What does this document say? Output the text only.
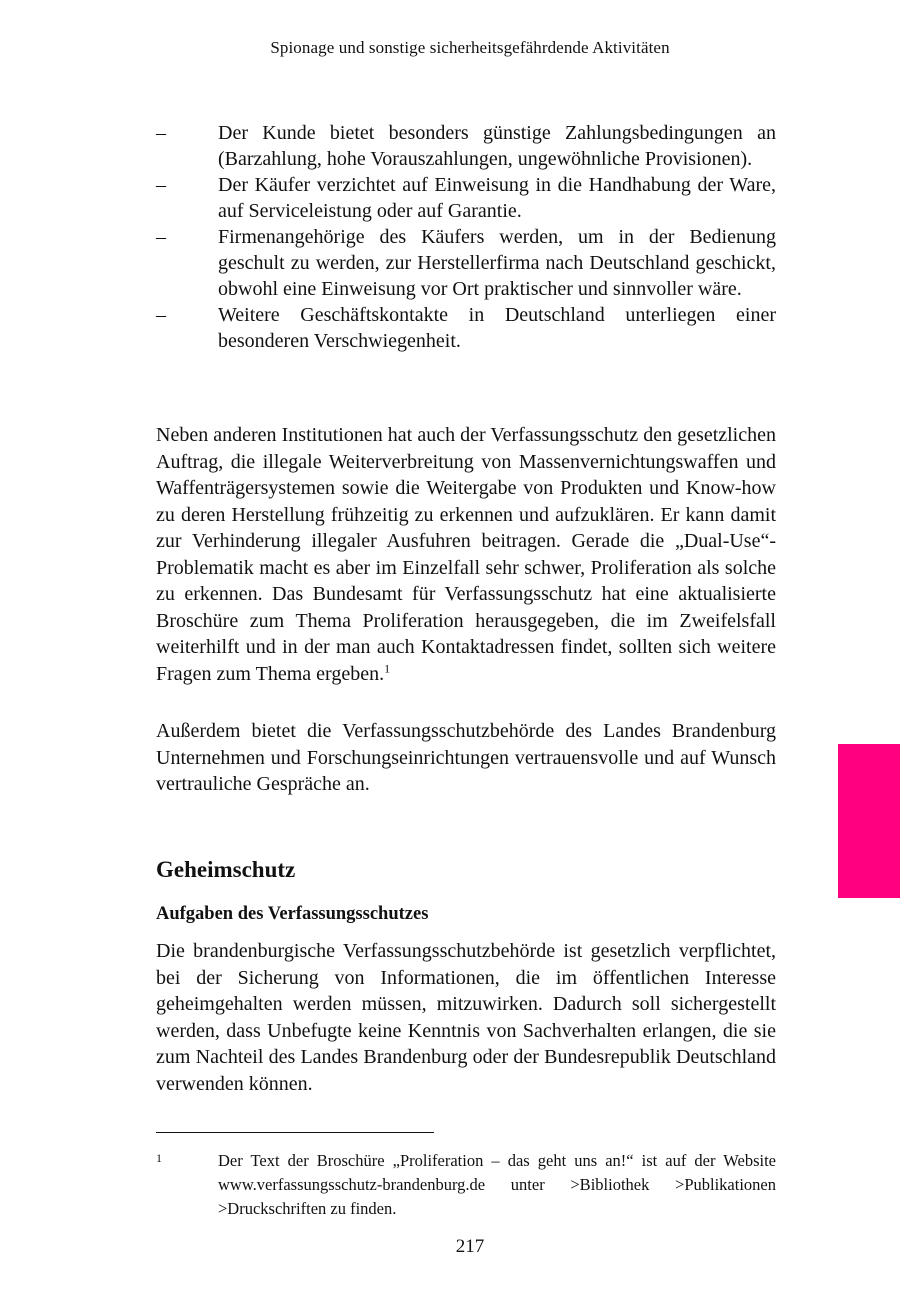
Spionage und sonstige sicherheitsgefährdende Aktivitäten
–	Der Kunde bietet besonders günstige Zahlungsbedingungen an (Barzahlung, hohe Vorauszahlungen, ungewöhnliche Provisionen).
–	Der Käufer verzichtet auf Einweisung in die Handhabung der Ware, auf Serviceleistung oder auf Garantie.
–	Firmenangehörige des Käufers werden, um in der Bedienung geschult zu werden, zur Herstellerfirma nach Deutschland geschickt, obwohl eine Einweisung vor Ort praktischer und sinnvoller wäre.
–	Weitere Geschäftskontakte in Deutschland unterliegen einer besonderen Verschwiegenheit.

Neben anderen Institutionen hat auch der Verfassungsschutz den gesetzlichen Auftrag, die illegale Weiterverbreitung von Massenvernichtungswaffen und Waffenträgersystemen sowie die Weitergabe von Produkten und Know-how zu deren Herstellung frühzeitig zu erkennen und aufzuklären. Er kann damit zur Verhinderung illegaler Ausfuhren beitragen. Gerade die „Dual-Use“-Problematik macht es aber im Einzelfall sehr schwer, Proliferation als solche zu erkennen. Das Bundesamt für Verfassungsschutz hat eine aktualisierte Broschüre zum Thema Proliferation herausgegeben, die im Zweifelsfall weiterhilft und in der man auch Kontaktadressen findet, sollten sich weitere Fragen zum Thema ergeben.$^1$

Außerdem bietet die Verfassungsschutzbehörde des Landes Brandenburg Unternehmen und Forschungseinrichtungen vertrauensvolle und auf Wunsch vertrauliche Gespräche an.

Geheimschutz
Aufgaben des Verfassungsschutzes

Die brandenburgische Verfassungsschutzbehörde ist gesetzlich verpflichtet, bei der Sicherung von Informationen, die im öffentlichen Interesse geheimgehalten werden müssen, mitzuwirken. Dadurch soll sichergestellt werden, dass Unbefugte keine Kenntnis von Sachverhalten erlangen, die sie zum Nachteil des Landes Brandenburg oder der Bundesrepublik Deutschland verwenden können.

1	Der Text der Broschüre „Proliferation – das geht uns an!“ ist auf der Website www.verfassungsschutz-brandenburg.de unter >Bibliothek >Publikationen >Druckschriften zu finden.
217
